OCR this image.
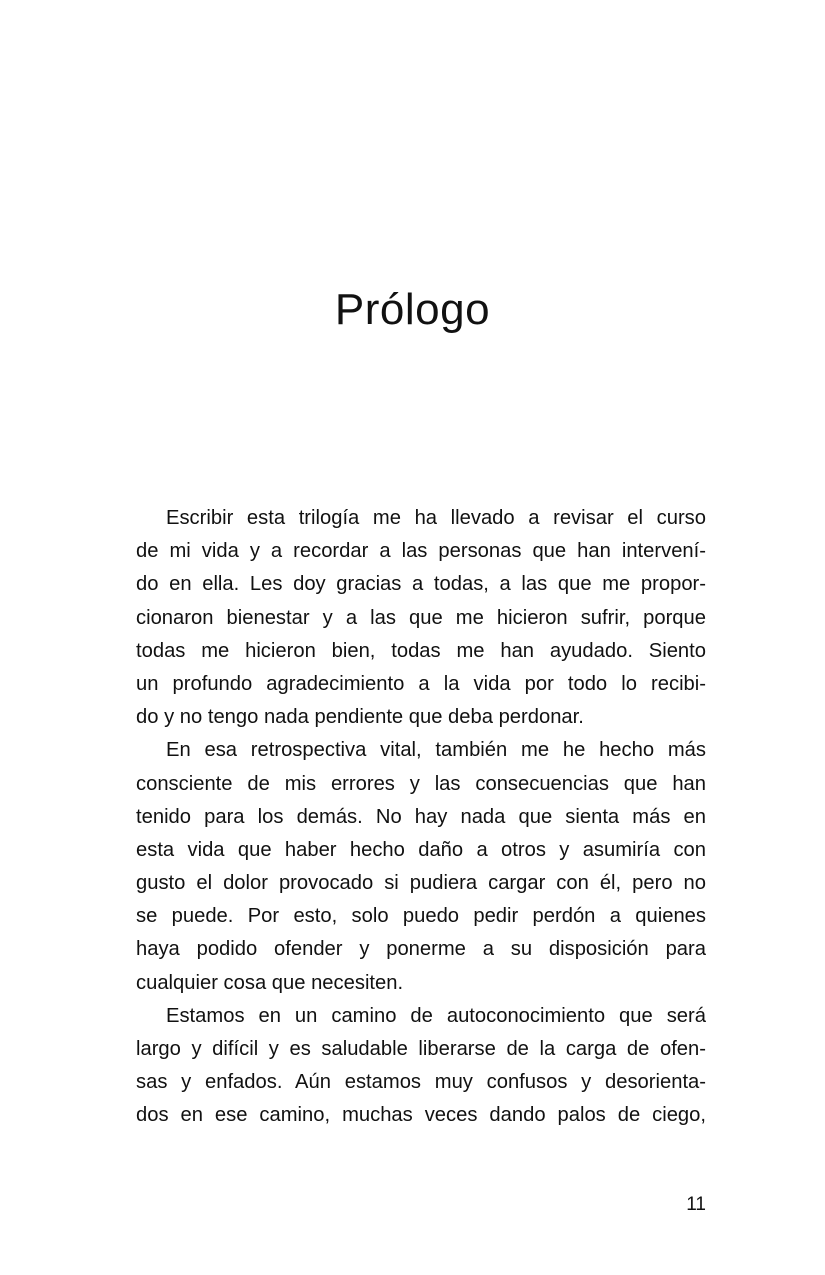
Prólogo
Escribir esta trilogía me ha llevado a revisar el curso
de mi vida y a recordar a las personas que han intervení-
do en ella. Les doy gracias a todas, a las que me propor-
cionaron bienestar y a las que me hicieron sufrir, porque
todas me hicieron bien, todas me han ayudado. Siento
un profundo agradecimiento a la vida por todo lo recibi-
do y no tengo nada pendiente que deba perdonar.
En esa retrospectiva vital, también me he hecho más
consciente de mis errores y las consecuencias que han
tenido para los demás. No hay nada que sienta más en
esta vida que haber hecho daño a otros y asumiría con
gusto el dolor provocado si pudiera cargar con él, pero no
se puede. Por esto, solo puedo pedir perdón a quienes
haya podido ofender y ponerme a su disposición para
cualquier cosa que necesiten.
Estamos en un camino de autoconocimiento que será
largo y difícil y es saludable liberarse de la carga de ofen-
sas y enfados. Aún estamos muy confusos y desorienta-
dos en ese camino, muchas veces dando palos de ciego,
11
